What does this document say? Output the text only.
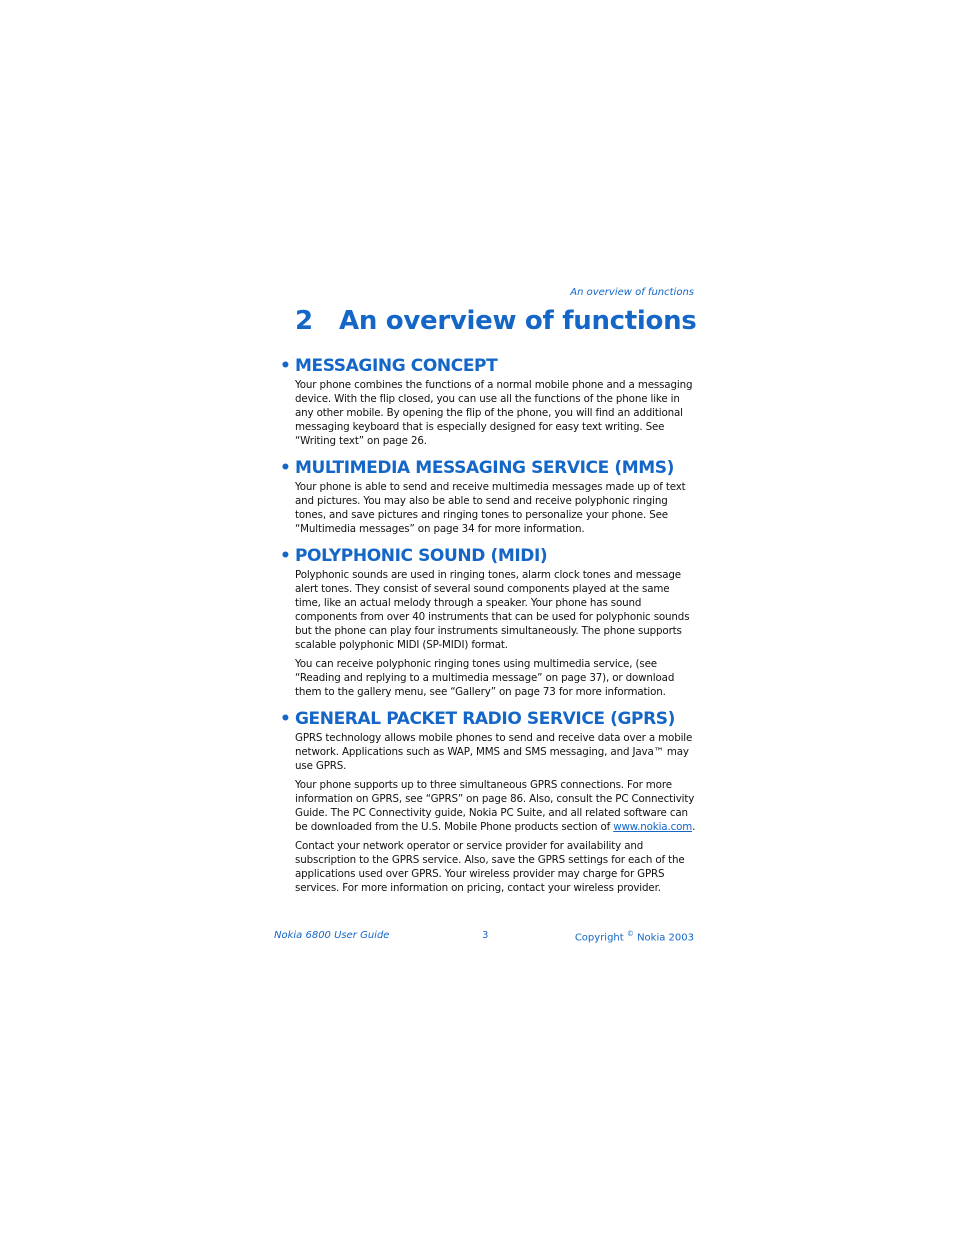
An overview of functions
2 An overview of functions
• MESSAGING CONCEPT

Your phone combines the functions of a normal mobile phone and a messaging device. With the flip closed, you can use all the functions of the phone like in any other mobile. By opening the flip of the phone, you will find an additional messaging keyboard that is especially designed for easy text writing. See “Writing text” on page 26.

• MULTIMEDIA MESSAGING SERVICE (MMS)

Your phone is able to send and receive multimedia messages made up of text and pictures. You may also be able to send and receive polyphonic ringing tones, and save pictures and ringing tones to personalize your phone. See “Multimedia messages” on page 34 for more information.

• POLYPHONIC SOUND (MIDI)

Polyphonic sounds are used in ringing tones, alarm clock tones and message alert tones. They consist of several sound components played at the same time, like an actual melody through a speaker. Your phone has sound components from over 40 instruments that can be used for polyphonic sounds but the phone can play four instruments simultaneously. The phone supports scalable polyphonic MIDI (SP-MIDI) format.

You can receive polyphonic ringing tones using multimedia service, (see “Reading and replying to a multimedia message” on page 37), or download them to the gallery menu, see “Gallery” on page 73 for more information.

• GENERAL PACKET RADIO SERVICE (GPRS)

GPRS technology allows mobile phones to send and receive data over a mobile network. Applications such as WAP, MMS and SMS messaging, and Java™ may use GPRS.

Your phone supports up to three simultaneous GPRS connections. For more information on GPRS, see “GPRS” on page 86. Also, consult the PC Connectivity Guide. The PC Connectivity guide, Nokia PC Suite, and all related software can be downloaded from the U.S. Mobile Phone products section of www.nokia.com.

Contact your network operator or service provider for availability and subscription to the GPRS service. Also, save the GPRS settings for each of the applications used over GPRS. Your wireless provider may charge for GPRS services. For more information on pricing, contact your wireless provider.

Nokia 6800 User Guide	3	Copyright © Nokia 2003
